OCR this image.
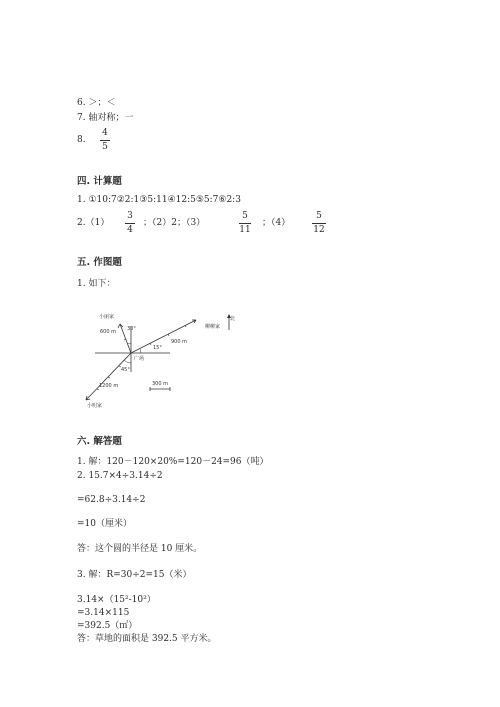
6. ＞；＜
7. 轴对称；一
8.
4
5
四. 计算题
1. ①10:7②2:1③5:11④12:5⑤5:7⑥2:3
2.（1）
3
4
；（2）2；（3）
5
11
；（4）
5
12
五. 作图题
1. 如下：
北
小丽家
600 m
900 m
柳柳家
广场
30°
15°
45°
1200 m	300 m
小明家
六. 解答题
1. 解：120－120×20%=120－24=96（吨）
2. 15.7×4÷3.14÷2
=62.8÷3.14÷2
=10（厘米）
答：这个圆的半径是 10 厘米。
3. 解：R=30÷2=15（米）
3.14×（15²-10²）
=3.14×115
=392.5（㎡）
答：草地的面积是 392.5 平方米。
